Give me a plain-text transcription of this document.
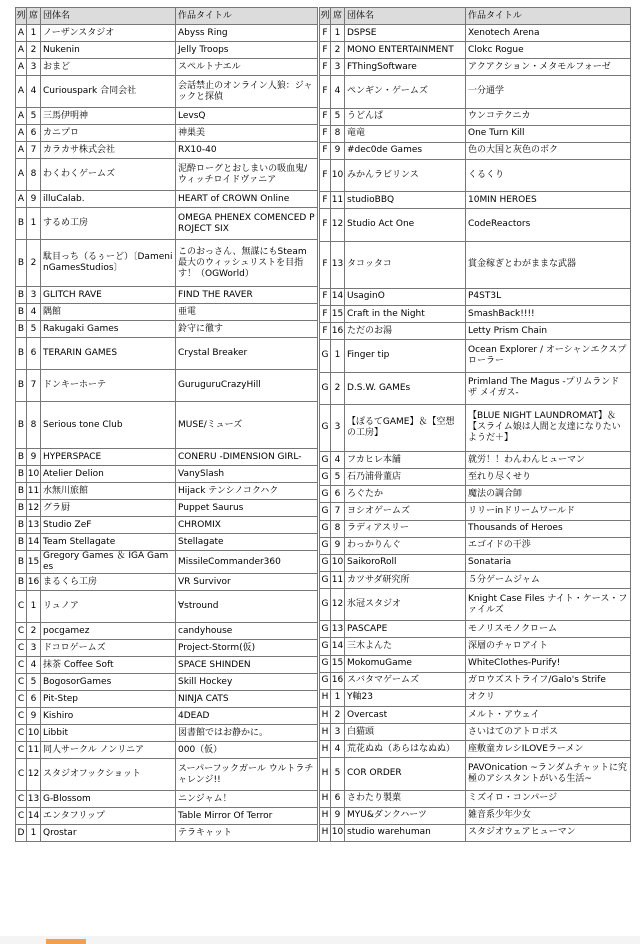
列	席	団体名	作品タイトル
A	1	ノーザンスタジオ	Abyss Ring
A	2	Nukenin	Jelly Troops
A	3	おまど	スペルトナエル
A	4	Curiouspark 合同会社	会話禁止のオンライン人狼：ジャックと探偵
A	5	三馬伊明神	LevsQ
A	6	カニプロ	神巣美
A	7	カラカサ株式会社	RX10-40
A	8	わくわくゲームズ	泥酔ローグとおしまいの吸血鬼/ウィッチロイドヴァニア
A	9	illuCalab.	HEART of CROWN Online
B	1	するめ工房	OMEGA PHENEX COMENCED PROJECT SIX
B	2	駄目っち（るぅーど）〔DameninGamesStudios〕	このおっさん、無謀にもSteam最大のウィッシュリストを目指す！（OGWorld）
B	3	GLITCH RAVE	FIND THE RAVER
B	4	隅館	亜電
B	5	Rakugaki Games	鈴守に徹す
B	6	TERARIN GAMES	Crystal Breaker
B	7	ドンキーホーテ	GuruguruCrazyHill
B	8	Serious tone Club	MUSE/ミューズ
B	9	HYPERSPACE	CONERU -DIMENSION GIRL-
B	10	Atelier Delion	VanySlash
B	11	水無川旅館	Hijack テンシノコクハク
B	12	グラ厨	Puppet Saurus
B	13	Studio ZeF	CHROMIX
B	14	Team Stellagate	Stellagate
B	15	Gregory Games ＆ IGA Games	MissileCommander360
B	16	まるくら工房	VR Survivor
C	1	リュノア	∀stround
C	2	pocgamez	candyhouse
C	3	ドコロゲームズ	Project-Storm(仮)
C	4	抹茶 Coffee Soft	SPACE SHINDEN
C	5	BogosorGames	Skill Hockey
C	6	Pit-Step	NINJA CATS
C	9	Kishiro	4DEAD
C	10	Libbit	図書館ではお静かに。
C	11	同人サークル ノンリニア	000（仮）
C	12	スタジオフックショット	スーパーフックガール ウルトラチャレンジ!!
C	13	G-Blossom	ニンジャム！
C	14	エンタフリップ	Table Mirror Of Terror
D	1	Qrostar	テラキャット
列	席	団体名	作品タイトル
F	1	DSPSE	Xenotech Arena
F	2	MONO ENTERTAINMENT	Clokc Rogue
F	3	FThingSoftware	アクアクション・メタモルフォーゼ
F	4	ペンギン・ゲームズ	一分通学
F	5	うどんぱ	ウンコテクニカ
F	8	竜竜	One Turn Kill
F	9	#dec0de Games	色の大国と灰色のボク
F	10	みかんラビリンス	くるくり
F	11	studioBBQ	10MIN HEROES
F	12	Studio Act One	CodeReactors
F	13	タコッタコ	賞金稼ぎとわがままな武器
F	14	UsaginO	P4ST3L
F	15	Craft in the Night	SmashBack!!!!
F	16	ただのお湯	Letty Prism Chain
G	1	Finger tip	Ocean Explorer / オーシャンエクスプローラー
G	2	D.S.W. GAMEs	Primland The Magus -プリムランドザ メイガス-
G	3	【ぽるてGAME】＆【空想の工房】	【BLUE NIGHT LAUNDROMAT】＆【スライム娘は人間と友達になりたいようだ＋】
G	4	フカヒレ本舗	就労！！わんわんヒューマン
G	5	石乃浦骨董店	至れり尽くせり
G	6	ろぐたか	魔法の調合師
G	7	ヨシオゲームズ	リリーinドリームワールド
G	8	ラディアスリー	Thousands of Heroes
G	9	わっかりんぐ	エゴイドの干渉
G	10	SaikoroRoll	Sonataria
G	11	カツサダ研究所	５分ゲームジャム
G	12	氷冠スタジオ	Knight Case Files ナイト・ケース・ファイルズ
G	13	PASCAPE	モノリスモノクローム
G	14	三木よんた	深層のチャロアイト
G	15	MokomuGame	WhiteClothes-Purify!
G	16	スバタマゲームズ	ガロウズストライフ/Galo's Strife
H	1	Y軸23	オクリ
H	2	Overcast	メルト・アウェイ
H	3	白猫頭	さいはてのアトロポス
H	4	荒花ぬぬ（あらはなぬぬ）	座敷童カレシILOVEラーメン
H	5	COR ORDER	PAVOnication ~ランダムチャットに究極のアシスタントがいる生活~
H	6	さわたり製菓	ミズイロ・コンパージ
H	9	MYU&ダンクハーツ	雑音系少年少女
H	10	studio warehuman	スタジオウェアヒューマン
